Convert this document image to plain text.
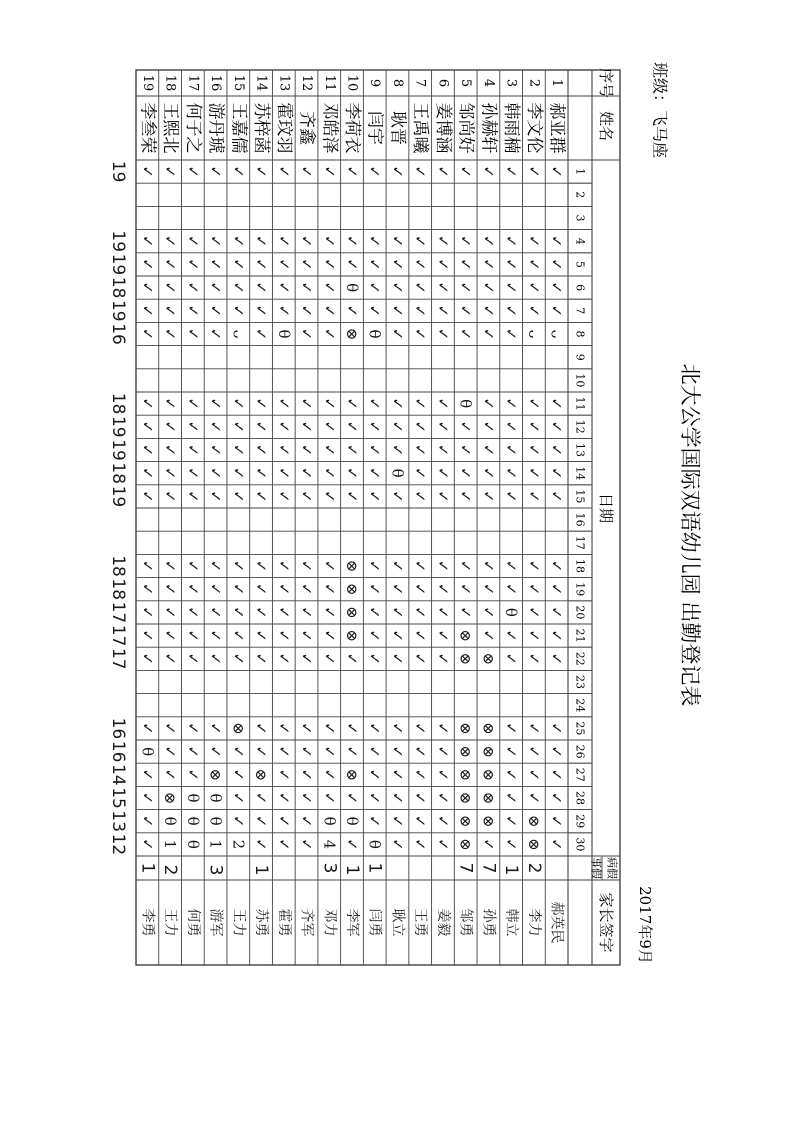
北大公学国际双语幼儿园 出勤登记表
2017年9月
班级：飞马座
序号
姓名
日期
病假
事假
家长签字
1
2
3
4
5
6
7
8
9
10
11
12
13
14
15
16
17
18
19
20
21
22
23
24
25
26
27
28
29
30
1
郝亚群
✓
✓
✓
✓
✓
ᴗ
✓
✓
✓
✓
✓
✓
✓
✓
✓
✓
✓
✓
✓
✓
✓
✓
郝英民
2
李文伦
✓
✓
✓
✓
✓
ᴗ
✓
✓
✓
✓
✓
✓
✓
✓
✓
✓
✓
✓
✓
✓
⊗
⊗
2
李力
3
韩雨楠
✓
✓
✓
✓
✓
✓
✓
✓
✓
✓
✓
✓
✓
θ
✓
✓
✓
✓
✓
✓
✓
✓
1
韩立
4
孙赫轩
✓
✓
✓
✓
✓
✓
✓
✓
✓
✓
✓
✓
✓
✓
✓
⊗
⊗
⊗
⊗
⊗
⊗
✓
7
孙勇
5
邹尚好
✓
✓
✓
✓
✓
✓
θ
✓
✓
✓
✓
✓
✓
✓
⊗
⊗
⊗
⊗
⊗
⊗
⊗
⊗
7
邹勇
6
姜博涵
✓
✓
✓
✓
✓
✓
✓
✓
✓
✓
✓
✓
✓
✓
✓
✓
✓
✓
✓
✓
✓
✓
姜毅
7
王禹曦
✓
✓
✓
✓
✓
✓
✓
✓
✓
✓
✓
✓
✓
✓
✓
✓
✓
✓
✓
✓
✓
✓
王勇
8
耿晋
✓
✓
✓
✓
✓
✓
✓
✓
✓
θ
✓
✓
✓
✓
✓
✓
✓
✓
✓
✓
✓
✓
耿立
9
闫宇
✓
✓
✓
✓
✓
θ
✓
✓
✓
✓
✓
✓
✓
✓
✓
✓
✓
✓
✓
✓
✓
θ
1
闫勇
10
李荷衣
✓
✓
✓
θ
✓
⊗
✓
✓
✓
✓
✓
⊗
⊗
⊗
⊗
✓
✓
✓
⊗
✓
θ
✓
1
李军
11
邓皓泽
✓
✓
✓
✓
✓
✓
✓
✓
✓
✓
✓
✓
✓
✓
✓
✓
✓
✓
✓
✓
θ
4
3
邓力
12
齐鑫
✓
✓
✓
✓
✓
✓
✓
✓
✓
✓
✓
✓
✓
✓
✓
✓
✓
✓
✓
✓
✓
✓
齐军
13
霍玟羽
✓
✓
✓
✓
✓
θ
✓
✓
✓
✓
✓
✓
✓
✓
✓
✓
✓
✓
✓
✓
✓
✓
霍勇
14
苏梓菡
✓
✓
✓
✓
✓
✓
✓
✓
✓
✓
✓
✓
✓
✓
✓
✓
✓
✓
⊗
✓
✓
✓
1
苏勇
15
王嘉儒
✓
✓
✓
✓
✓
ᴗ
✓
✓
✓
✓
✓
✓
✓
✓
✓
✓
⊗
✓
✓
✓
✓
2
王力
16
游丹琥
✓
✓
✓
✓
✓
✓
✓
✓
✓
✓
✓
✓
✓
✓
✓
✓
✓
✓
⊗
θ
θ
1
3
游军
17
何子之
✓
✓
✓
✓
✓
✓
✓
✓
✓
✓
✓
✓
✓
✓
✓
✓
✓
✓
✓
θ
θ
θ
何勇
18
王熙北
✓
✓
✓
✓
✓
✓
✓
✓
✓
✓
✓
✓
✓
✓
✓
✓
✓
✓
✓
⊗
θ
1
2
王力
19
李叁荣
✓
✓
✓
✓
✓
✓
✓
✓
✓
✓
✓
✓
✓
✓
✓
✓
✓
θ
✓
✓
✓
✓
1
李勇
19
19
19
18
19
16
18
19
19
18
19
18
18
17
17
17
16
16
14
15
13
12
